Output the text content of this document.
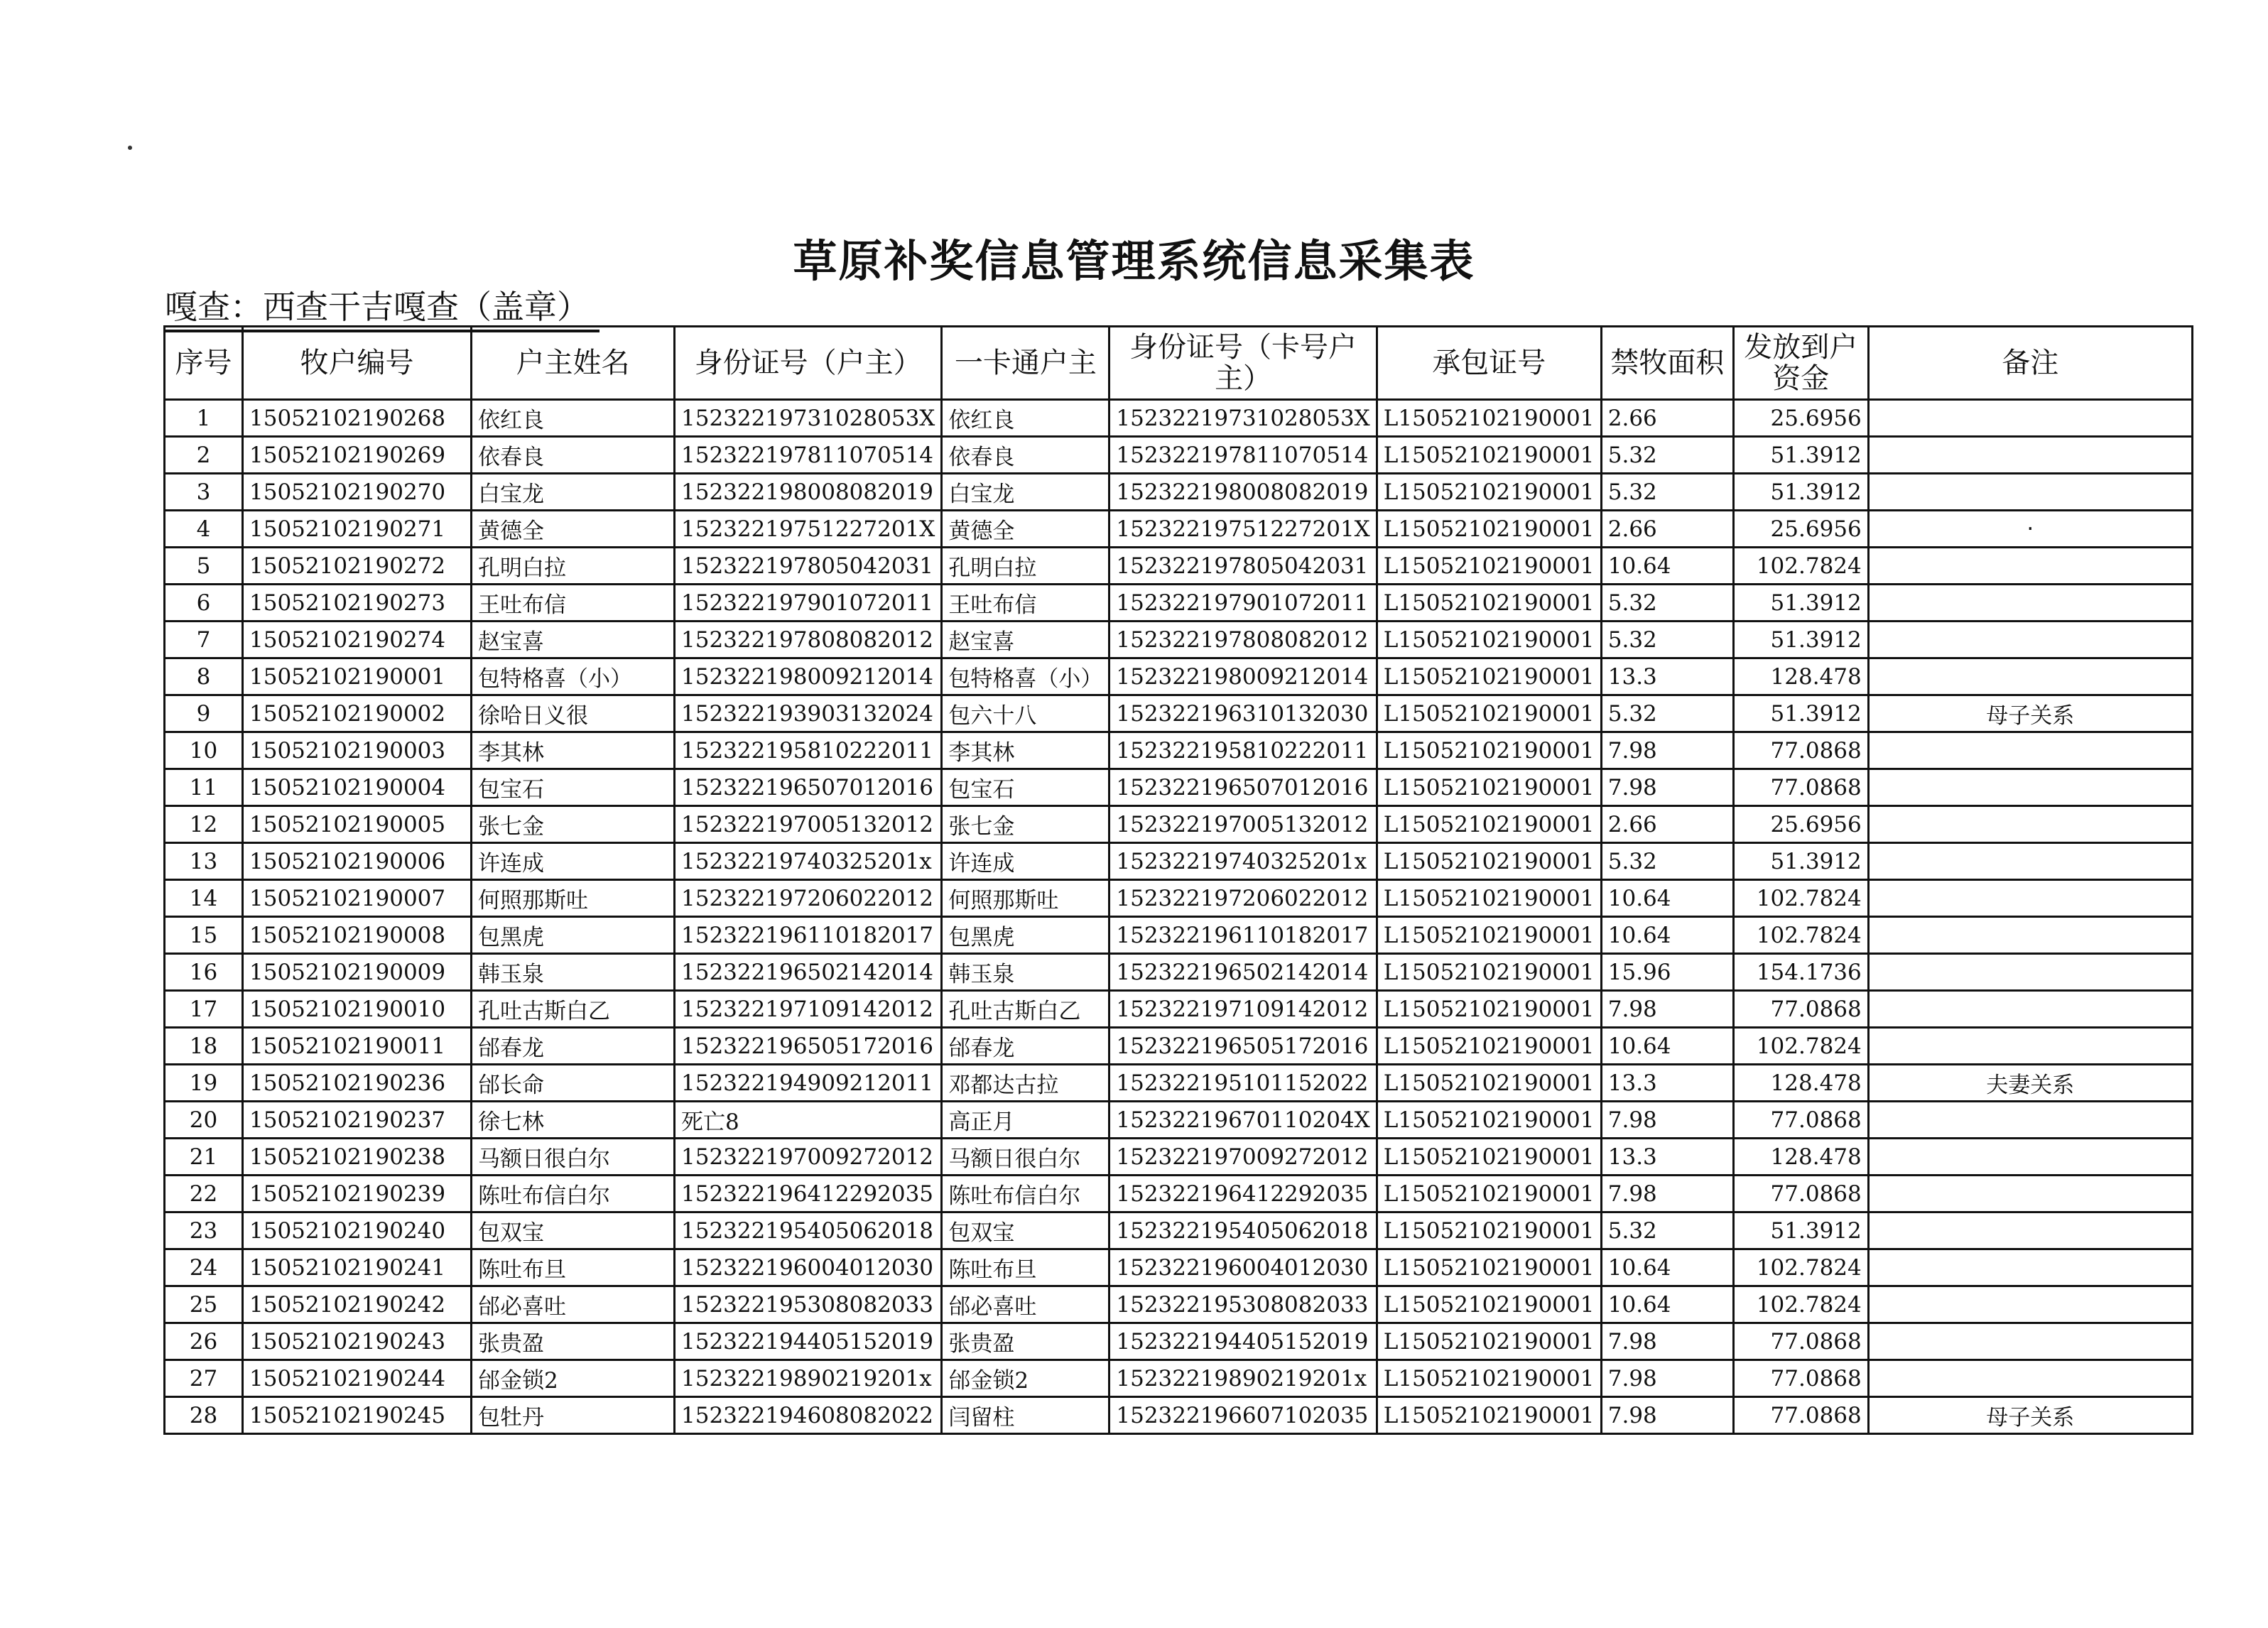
草原补奖信息管理系统信息采集表
嘎查：西查干吉嘎查（盖章）
序号	牧户编号	户主姓名	身份证号（户主）	一卡通户主	身份证号（卡号户主）	承包证号	禁牧面积	发放到户资金	备注
1	15052102190268	依红良	15232219731028053X	依红良	15232219731028053X	L15052102190001	2.66	25.6956	
2	15052102190269	依春良	152322197811070514	依春良	152322197811070514	L15052102190001	5.32	51.3912	
3	15052102190270	白宝龙	152322198008082019	白宝龙	152322198008082019	L15052102190001	5.32	51.3912	
4	15052102190271	黄德全	15232219751227201X	黄德全	15232219751227201X	L15052102190001	2.66	25.6956	·
5	15052102190272	孔明白拉	152322197805042031	孔明白拉	152322197805042031	L15052102190001	10.64	102.7824	
6	15052102190273	王吐布信	152322197901072011	王吐布信	152322197901072011	L15052102190001	5.32	51.3912	
7	15052102190274	赵宝喜	152322197808082012	赵宝喜	152322197808082012	L15052102190001	5.32	51.3912	
8	15052102190001	包特格喜（小）	152322198009212014	包特格喜（小）	152322198009212014	L15052102190001	13.3	128.478	
9	15052102190002	徐哈日义很	152322193903132024	包六十八	152322196310132030	L15052102190001	5.32	51.3912	母子关系
10	15052102190003	李其林	152322195810222011	李其林	152322195810222011	L15052102190001	7.98	77.0868	
11	15052102190004	包宝石	152322196507012016	包宝石	152322196507012016	L15052102190001	7.98	77.0868	
12	15052102190005	张七金	152322197005132012	张七金	152322197005132012	L15052102190001	2.66	25.6956	
13	15052102190006	许连成	15232219740325201x	许连成	15232219740325201x	L15052102190001	5.32	51.3912	
14	15052102190007	何照那斯吐	152322197206022012	何照那斯吐	152322197206022012	L15052102190001	10.64	102.7824	
15	15052102190008	包黑虎	152322196110182017	包黑虎	152322196110182017	L15052102190001	10.64	102.7824	
16	15052102190009	韩玉泉	152322196502142014	韩玉泉	152322196502142014	L15052102190001	15.96	154.1736	
17	15052102190010	孔吐古斯白乙	152322197109142012	孔吐古斯白乙	152322197109142012	L15052102190001	7.98	77.0868	
18	15052102190011	邰春龙	152322196505172016	邰春龙	152322196505172016	L15052102190001	10.64	102.7824	
19	15052102190236	邰长命	152322194909212011	邓都达古拉	152322195101152022	L15052102190001	13.3	128.478	夫妻关系
20	15052102190237	徐七林	死亡8	高正月	15232219670110204X	L15052102190001	7.98	77.0868	
21	15052102190238	马额日很白尔	152322197009272012	马额日很白尔	152322197009272012	L15052102190001	13.3	128.478	
22	15052102190239	陈吐布信白尔	152322196412292035	陈吐布信白尔	152322196412292035	L15052102190001	7.98	77.0868	
23	15052102190240	包双宝	152322195405062018	包双宝	152322195405062018	L15052102190001	5.32	51.3912	
24	15052102190241	陈吐布旦	152322196004012030	陈吐布旦	152322196004012030	L15052102190001	10.64	102.7824	
25	15052102190242	邰必喜吐	152322195308082033	邰必喜吐	152322195308082033	L15052102190001	10.64	102.7824	
26	15052102190243	张贵盈	152322194405152019	张贵盈	152322194405152019	L15052102190001	7.98	77.0868	
27	15052102190244	邰金锁2	15232219890219201x	邰金锁2	15232219890219201x	L15052102190001	7.98	77.0868	
28	15052102190245	包牡丹	152322194608082022	闫留柱	152322196607102035	L15052102190001	7.98	77.0868	母子关系
